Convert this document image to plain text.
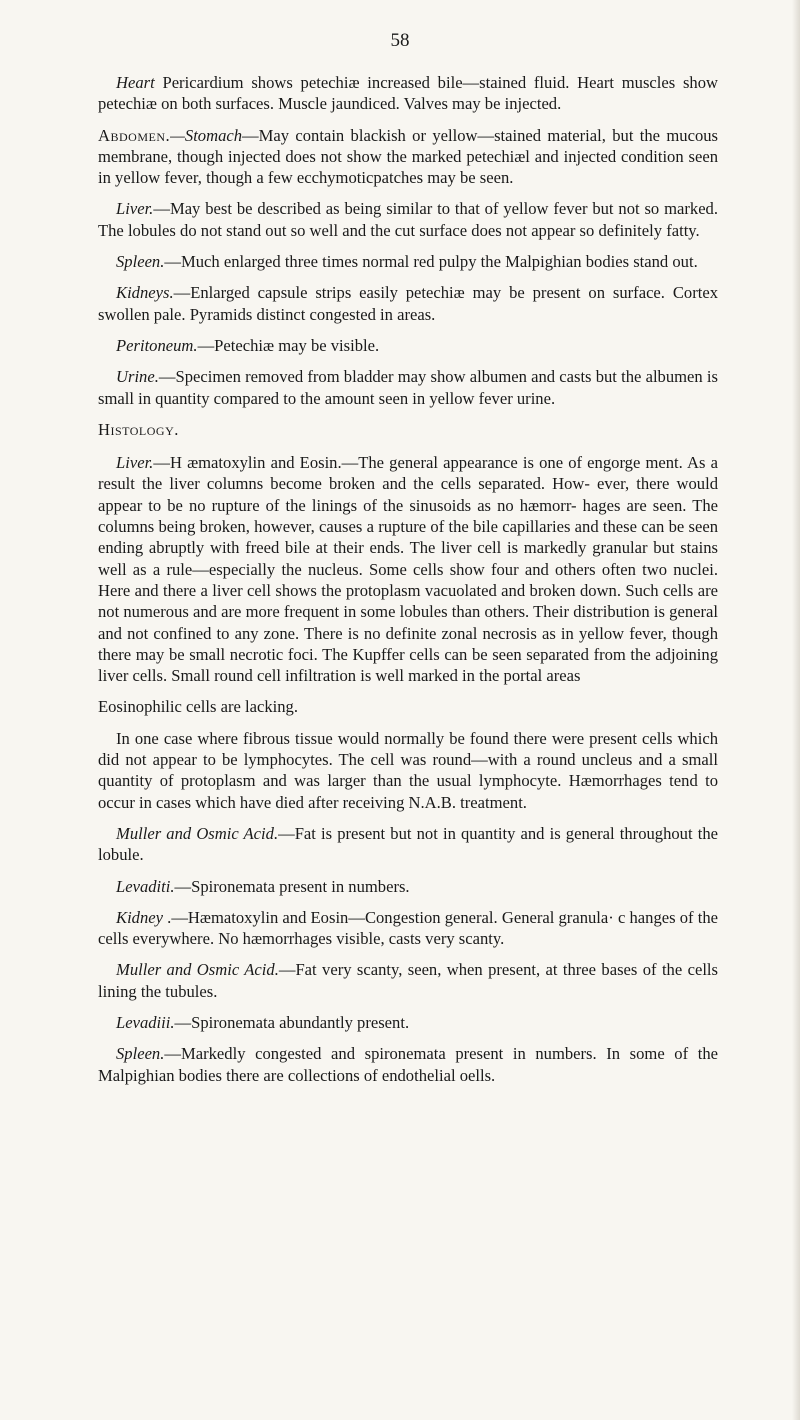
58

Heart Pericardium shows petechiæ increased bile—stained fluid. Heart muscles show petechiæ on both surfaces. Muscle jaundiced. Valves may be injected.

Abdomen.—Stomach—May contain blackish or yellow—stained material, but the mucous membrane, though injected does not show the marked petechiæl and injected condition seen in yellow fever, though a few ecchymoticpatches may be seen.

Liver.—May best be described as being similar to that of yellow fever but not so marked. The lobules do not stand out so well and the cut surface does not appear so definitely fatty.

Spleen.—Much enlarged three times normal red pulpy the Malpighian bodies stand out.

Kidneys.—Enlarged capsule strips easily petechiæ may be present on surface. Cortex swollen pale. Pyramids distinct congested in areas.

Peritoneum.—Petechiæ may be visible.

Urine.—Specimen removed from bladder may show albumen and casts but the albumen is small in quantity compared to the amount seen in yellow fever urine.

Histology.

Liver.—H æmatoxylin and Eosin.—The general appearance is one of engorge ment. As a result the liver columns become broken and the cells separated. How- ever, there would appear to be no rupture of the linings of the sinusoids as no hæmorr- hages are seen. The columns being broken, however, causes a rupture of the bile capillaries and these can be seen ending abruptly with freed bile at their ends. The liver cell is markedly granular but stains well as a rule—especially the nucleus. Some cells show four and others often two nuclei. Here and there a liver cell shows the protoplasm vacuolated and broken down. Such cells are not numerous and are more frequent in some lobules than others. Their distribution is general and not confined to any zone. There is no definite zonal necrosis as in yellow fever, though there may be small necrotic foci. The Kupffer cells can be seen separated from the adjoining liver cells. Small round cell infiltration is well marked in the portal areas

Eosinophilic cells are lacking.

In one case where fibrous tissue would normally be found there were present cells which did not appear to be lymphocytes. The cell was round—with a round uncleus and a small quantity of protoplasm and was larger than the usual lymphocyte. Hæmorrhages tend to occur in cases which have died after receiving N.A.B. treatment.

Muller and Osmic Acid.—Fat is present but not in quantity and is general throughout the lobule.

Levaditi.—Spironemata present in numbers.

Kidney .—Hæmatoxylin and Eosin—Congestion general. General granula· c hanges of the cells everywhere. No hæmorrhages visible, casts very scanty.

Muller and Osmic Acid.—Fat very scanty, seen, when present, at three bases of the cells lining the tubules.

Levadiii.—Spironemata abundantly present.

Spleen.—Markedly congested and spironemata present in numbers. In some of the Malpighian bodies there are collections of endothelial oells.
